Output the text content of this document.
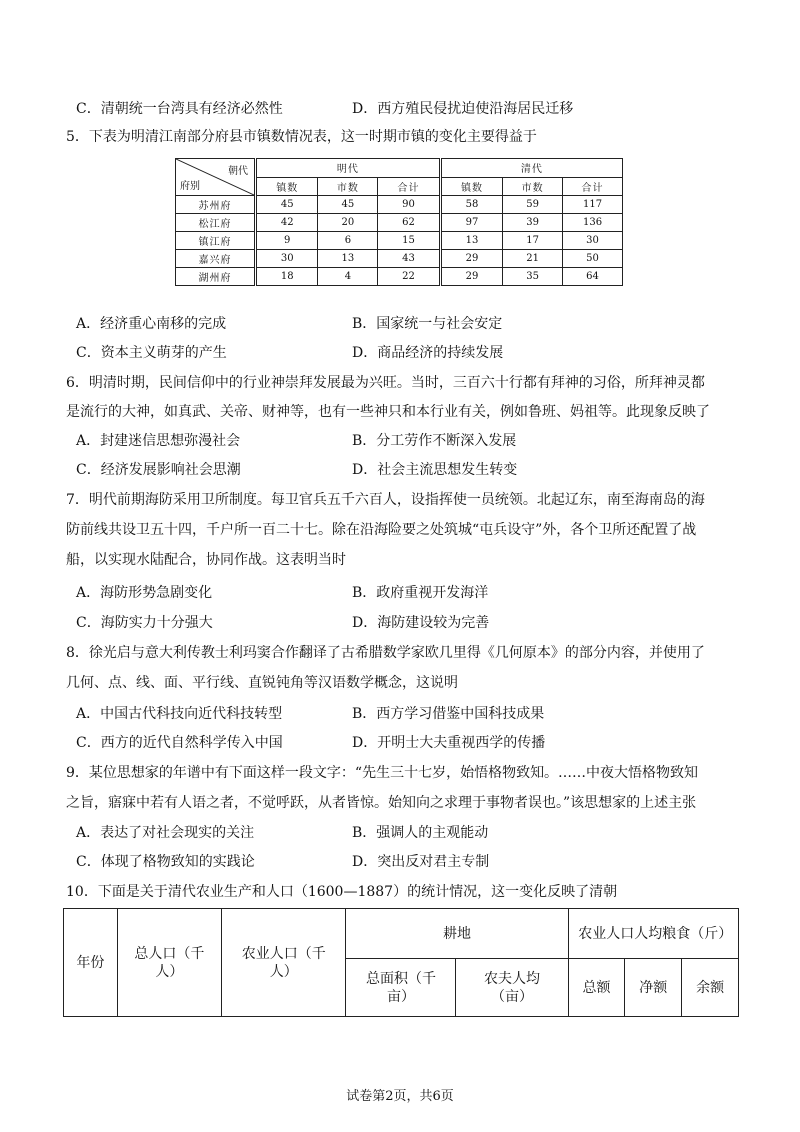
C．清朝统一台湾具有经济必然性	D．西方殖民侵扰迫使沿海居民迁移
5．下表为明清江南部分府县市镇数情况表，这一时期市镇的变化主要得益于
朝代
府别	明代			清代		
	镇数	市数	合计	镇数	市数	合计
苏州府	45	45	90	58	59	117
松江府	42	20	62	97	39	136
镇江府	9	6	15	13	17	30
嘉兴府	30	13	43	29	21	50
湖州府	18	4	22	29	35	64
A．经济重心南移的完成	B．国家统一与社会安定
C．资本主义萌芽的产生	D．商品经济的持续发展
6．明清时期，民间信仰中的行业神崇拜发展最为兴旺。当时，三百六十行都有拜神的习俗，所拜神灵都
是流行的大神，如真武、关帝、财神等，也有一些神只和本行业有关，例如鲁班、妈祖等。此现象反映了
A．封建迷信思想弥漫社会	B．分工劳作不断深入发展
C．经济发展影响社会思潮	D．社会主流思想发生转变
7．明代前期海防采用卫所制度。每卫官兵五千六百人，设指挥使一员统领。北起辽东，南至海南岛的海
防前线共设卫五十四，千户所一百二十七。除在沿海险要之处筑城“屯兵设守”外，各个卫所还配置了战
船，以实现水陆配合，协同作战。这表明当时
A．海防形势急剧变化	B．政府重视开发海洋
C．海防实力十分强大	D．海防建设较为完善
8．徐光启与意大利传教士利玛窦合作翻译了古希腊数学家欧几里得《几何原本》的部分内容，并使用了
几何、点、线、面、平行线、直锐钝角等汉语数学概念，这说明
A．中国古代科技向近代科技转型	B．西方学习借鉴中国科技成果
C．西方的近代自然科学传入中国	D．开明士大夫重视西学的传播
9．某位思想家的年谱中有下面这样一段文字：“先生三十七岁，始悟格物致知。……中夜大悟格物致知
之旨，寤寐中若有人语之者，不觉呼跃，从者皆惊。始知向之求理于事物者误也。”该思想家的上述主张
A．表达了对社会现实的关注	B．强调人的主观能动
C．体现了格物致知的实践论	D．突出反对君主专制
10．下面是关于清代农业生产和人口（1600—1887）的统计情况，这一变化反映了清朝
年份	总人口（千人）	农业人口（千人）	耕地		农业人口人均粮食（斤）		

			总面积（千亩）	农夫人均（亩）	总额	净额	余额
试卷第2页，共6页
